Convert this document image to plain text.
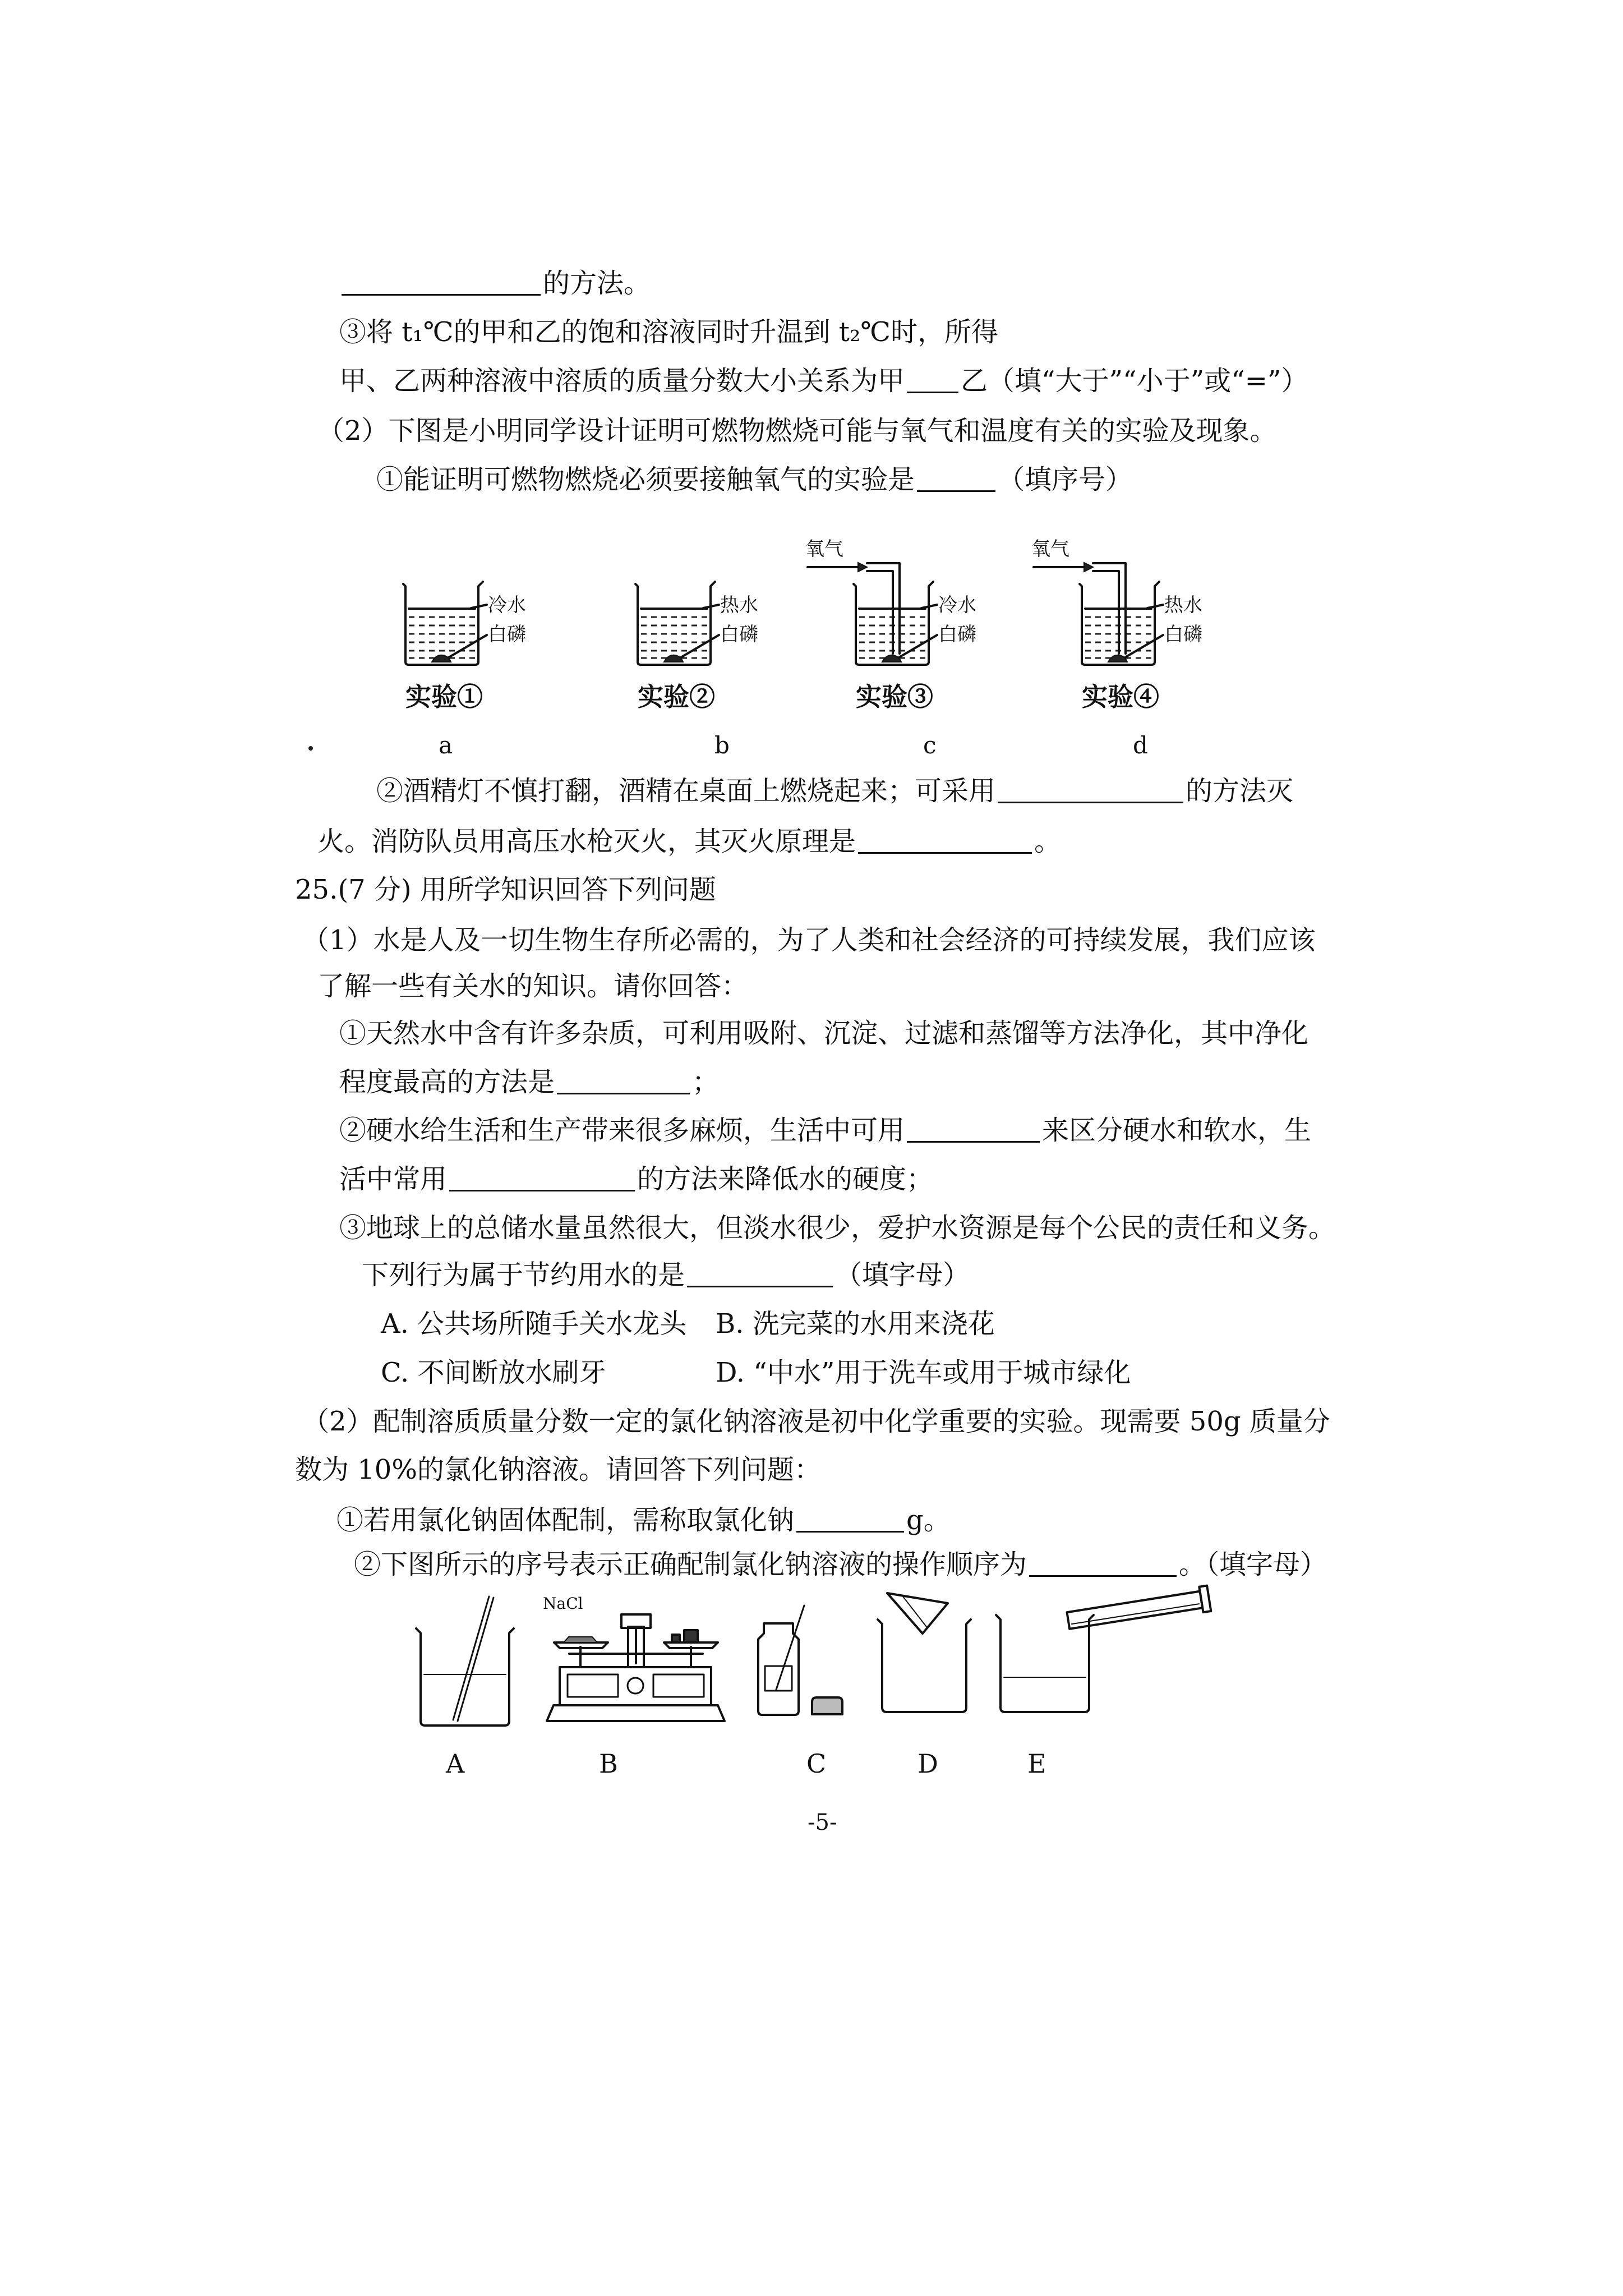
的方法。
③将 t₁℃的甲和乙的饱和溶液同时升温到 t₂℃时，所得
甲、乙两种溶液中溶质的质量分数大小关系为甲 乙（填“大于”“小于”或“=”）
（2）下图是小明同学设计证明可燃物燃烧可能与氧气和温度有关的实验及现象。
①能证明可燃物燃烧必须要接触氧气的实验是	（填序号）
冷水
白磷
热水
白磷
氧气
冷水
白磷
氧气
热水
白磷
实验①	实验②	实验③	实验④
a	b	c	d
②酒精灯不慎打翻，酒精在桌面上燃烧起来；可采用	的方法灭
火。消防队员用高压水枪灭火，其灭火原理是	。
25.(7 分) 用所学知识回答下列问题
（1）水是人及一切生物生存所必需的，为了人类和社会经济的可持续发展，我们应该
了解一些有关水的知识。请你回答：
①天然水中含有许多杂质，可利用吸附、沉淀、过滤和蒸馏等方法净化，其中净化
程度最高的方法是	；
②硬水给生活和生产带来很多麻烦，生活中可用	来区分硬水和软水，生
活中常用	的方法来降低水的硬度；
③地球上的总储水量虽然很大，但淡水很少，爱护水资源是每个公民的责任和义务。
下列行为属于节约用水的是	（填字母）
A. 公共场所随手关水龙头 B. 洗完菜的水用来浇花
C. 不间断放水刷牙	D. “中水”用于洗车或用于城市绿化
（2）配制溶质质量分数一定的氯化钠溶液是初中化学重要的实验。现需要 50g 质量分
数为 10%的氯化钠溶液。请回答下列问题：
①若用氯化钠固体配制，需称取氯化钠	g。
②下图所示的序号表示正确配制氯化钠溶液的操作顺序为	。（填字母）
NaCl
A	B	C	D	E
-5-
